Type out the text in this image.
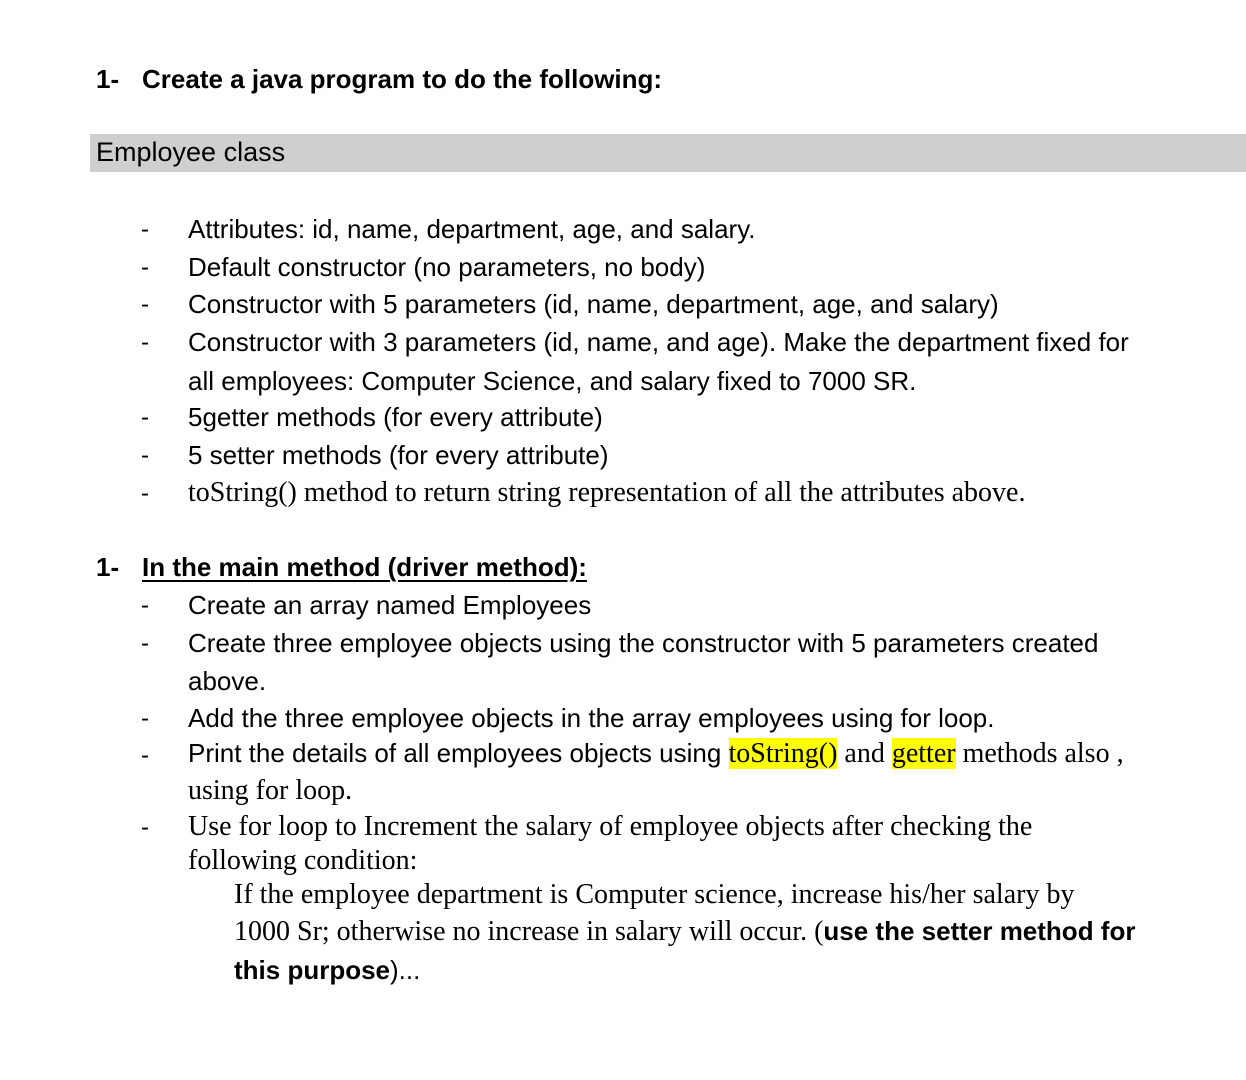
1- Create a java program to do the following:
Employee class
- Attributes: id, name, department, age, and salary.
- Default constructor (no parameters, no body)
- Constructor with 5 parameters (id, name, department, age, and salary)
- Constructor with 3 parameters (id, name, and age). Make the department fixed for
all employees: Computer Science, and salary fixed to 7000 SR.
- 5getter methods (for every attribute)
- 5 setter methods (for every attribute)
- toString() method to return string representation of all the attributes above.
1- In the main method (driver method):
- Create an array named Employees
- Create three employee objects using the constructor with 5 parameters created
above.
- Add the three employee objects in the array employees using for loop.
- Print the details of all employees objects using toString() and getter methods also ,
using for loop.
- Use for loop to Increment the salary of employee objects after checking the
following condition:
If the employee department is Computer science, increase his/her salary by
1000 Sr; otherwise no increase in salary will occur. (use the setter method for
this purpose)...
